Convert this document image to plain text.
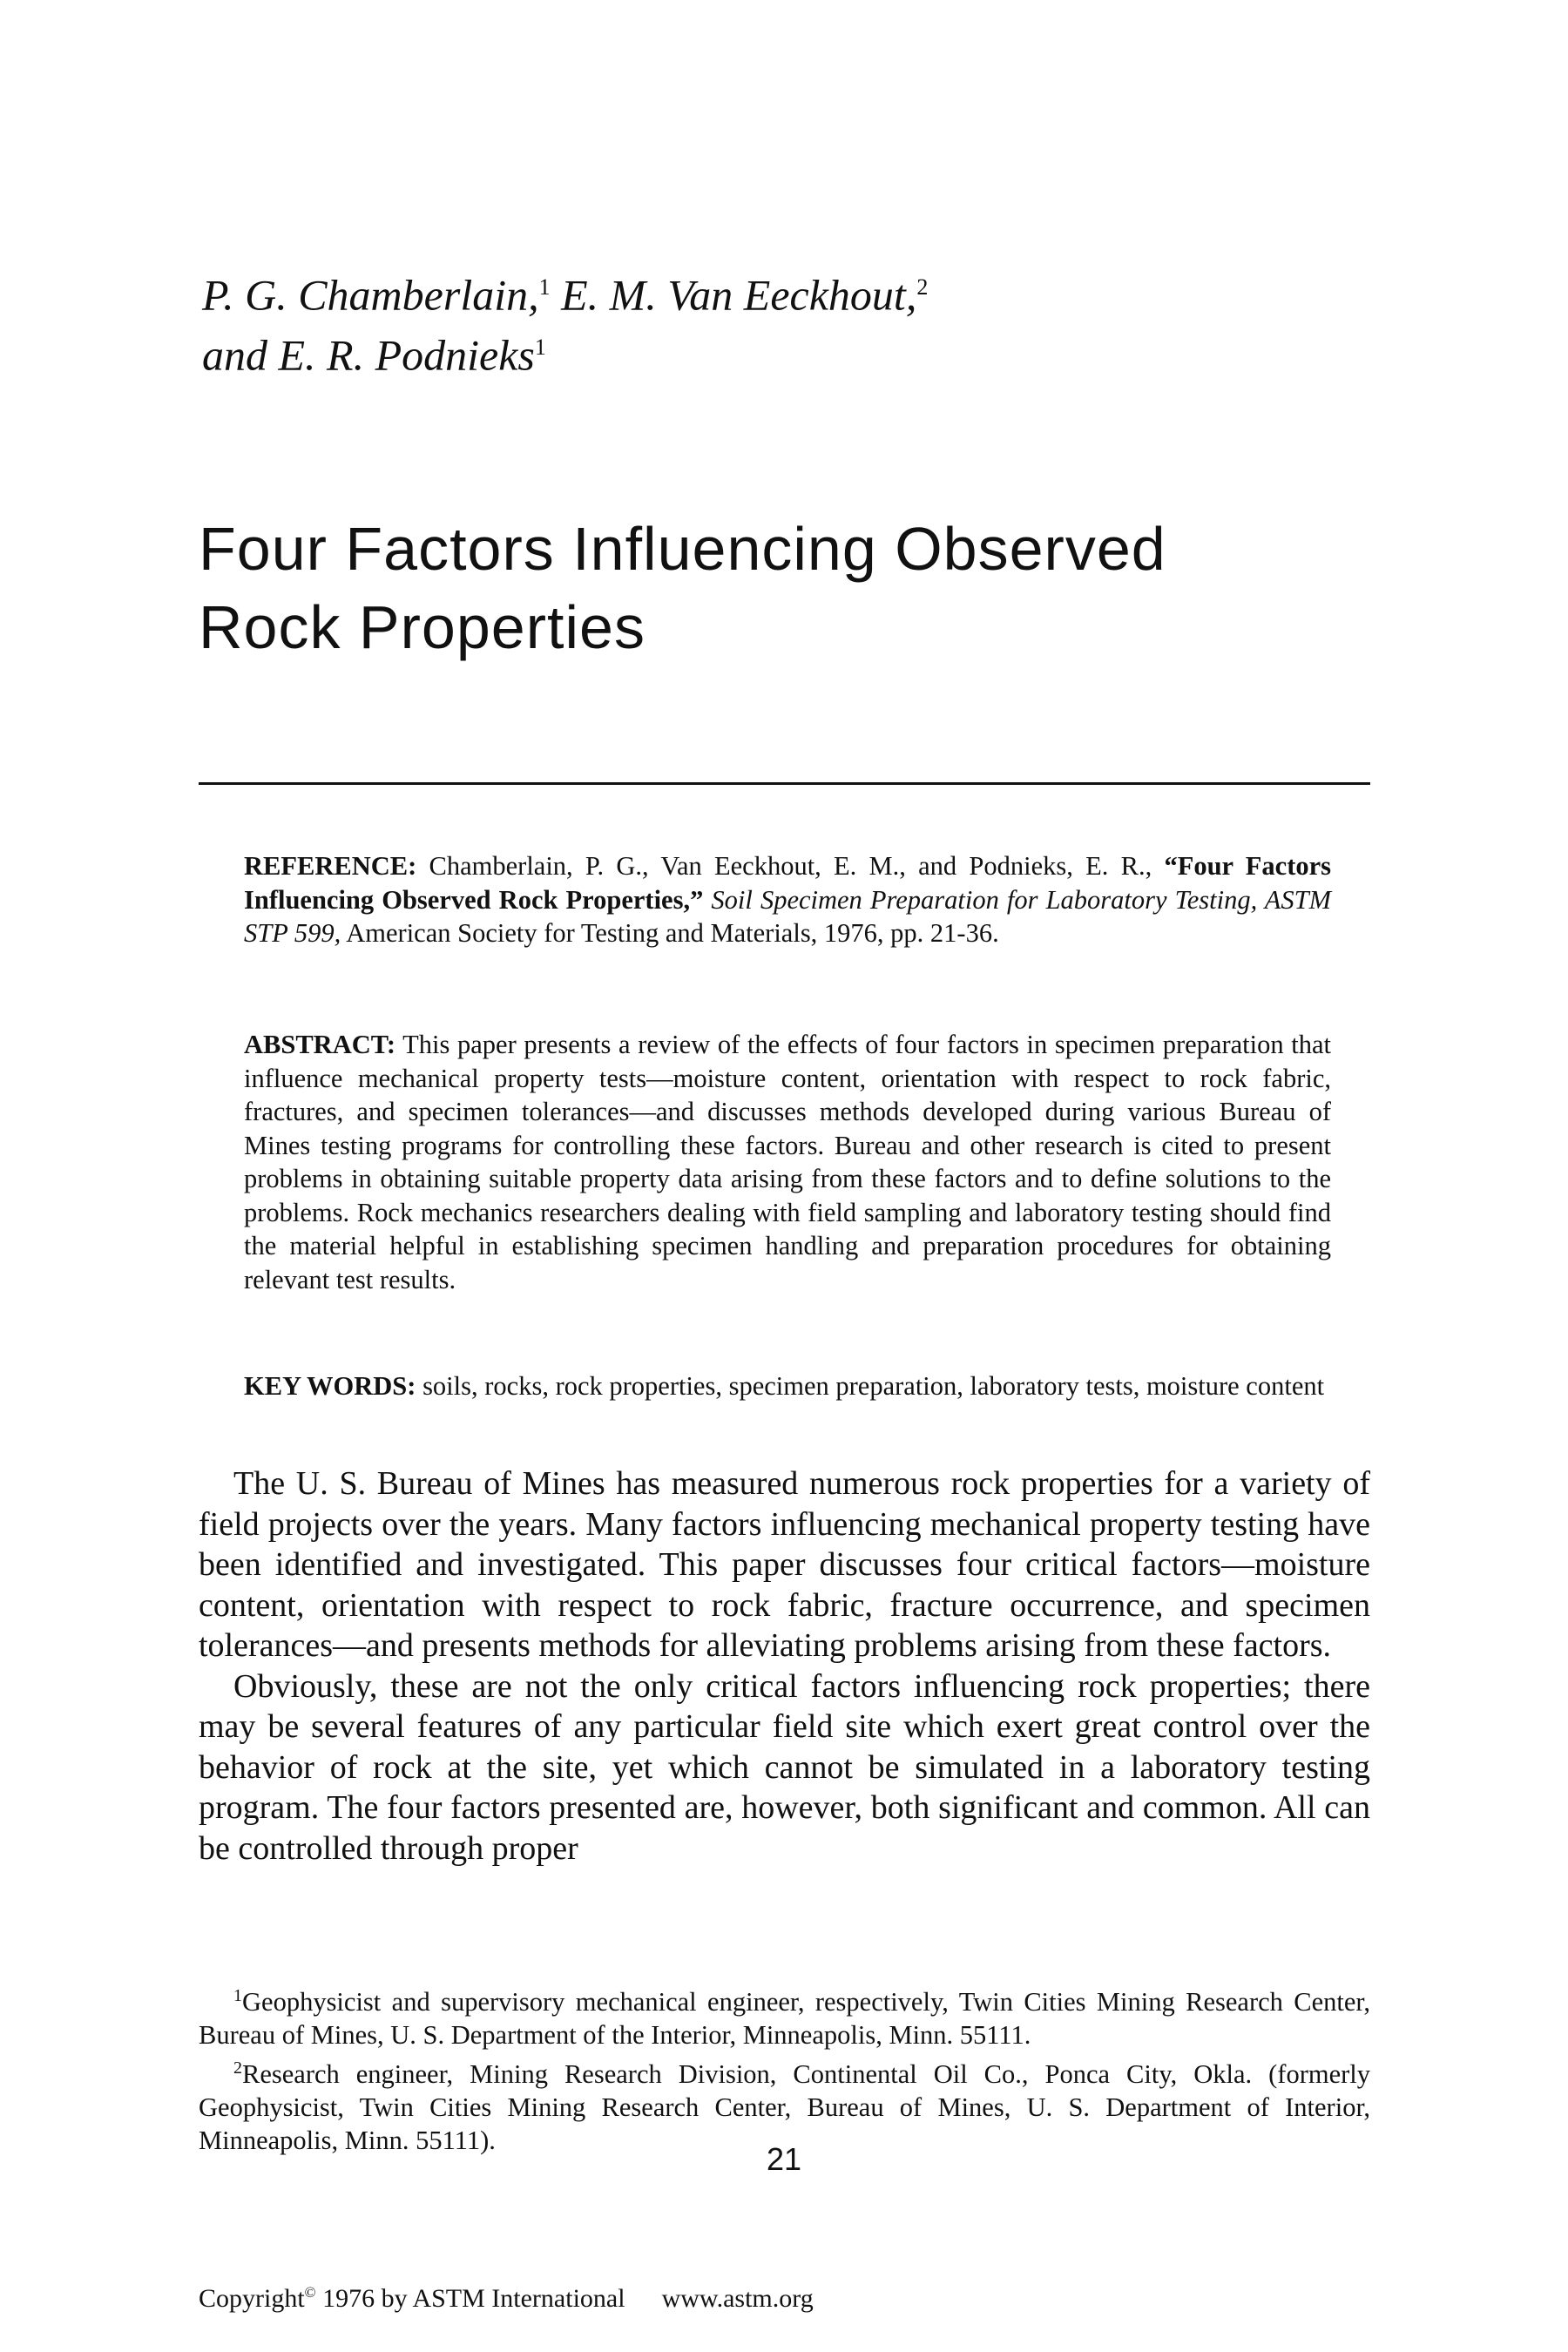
P. G. Chamberlain,$^1$ E. M. Van Eeckhout,$^2$
and E. R. Podnieks$^1$
Four Factors Influencing Observed
Rock Properties
REFERENCE: Chamberlain, P. G., Van Eeckhout, E. M., and Podnieks, E. R., “Four Factors Influencing Observed Rock Properties,” Soil Specimen Preparation for Laboratory Testing, ASTM STP 599, American Society for Testing and Materials, 1976, pp. 21-36.
ABSTRACT: This paper presents a review of the effects of four factors in specimen preparation that influence mechanical property tests—moisture content, orientation with respect to rock fabric, fractures, and specimen tolerances—and discusses methods developed during various Bureau of Mines testing programs for controlling these factors. Bureau and other research is cited to present problems in obtaining suitable property data arising from these factors and to define solutions to the problems. Rock mechanics researchers dealing with field sampling and laboratory testing should find the material helpful in establishing specimen handling and preparation procedures for obtaining relevant test results.
KEY WORDS: soils, rocks, rock properties, specimen preparation, laboratory tests, moisture content

The U. S. Bureau of Mines has measured numerous rock properties for a variety of field projects over the years. Many factors influencing mechanical property testing have been identified and investigated. This paper discusses four critical factors—moisture content, orientation with respect to rock fabric, fracture occurrence, and specimen tolerances—and presents methods for alleviating problems arising from these factors.

Obviously, these are not the only critical factors influencing rock properties; there may be several features of any particular field site which exert great control over the behavior of rock at the site, yet which cannot be simulated in a laboratory testing program. The four factors presented are, however, both significant and common. All can be controlled through proper

$^1$Geophysicist and supervisory mechanical engineer, respectively, Twin Cities Mining Research Center, Bureau of Mines, U. S. Department of the Interior, Minneapolis, Minn. 55111.

$^2$Research engineer, Mining Research Division, Continental Oil Co., Ponca City, Okla. (formerly Geophysicist, Twin Cities Mining Research Center, Bureau of Mines, U. S. Department of Interior, Minneapolis, Minn. 55111).

21
Copyright© 1976 by ASTM International www.astm.org
